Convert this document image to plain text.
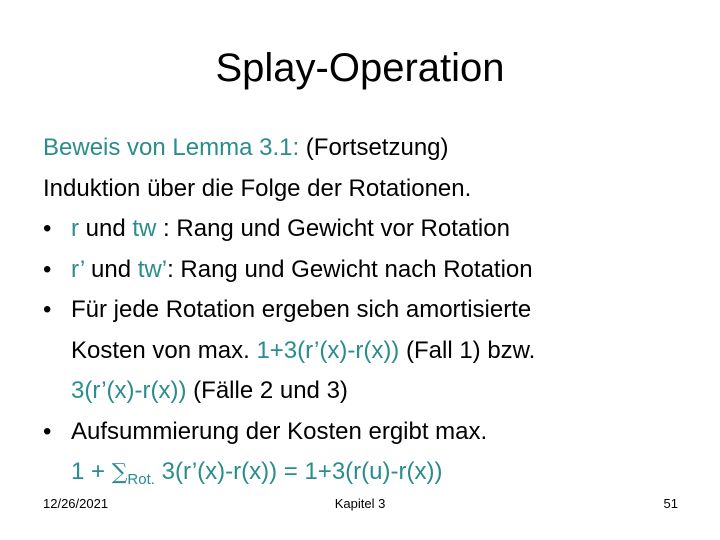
Splay-Operation
Beweis von Lemma 3.1: (Fortsetzung)
Induktion über die Folge der Rotationen.
• r und tw : Rang und Gewicht vor Rotation
• r’ und tw’: Rang und Gewicht nach Rotation
• Für jede Rotation ergeben sich amortisierte
Kosten von max. 1+3(r’(x)-r(x)) (Fall 1) bzw.
3(r’(x)-r(x)) (Fälle 2 und 3)
• Aufsummierung der Kosten ergibt max.
$1 + \sum_{Rot.}$ 3(r’(x)-r(x)) = 1+3(r(u)-r(x))
12/26/2021	Kapitel 3	51
